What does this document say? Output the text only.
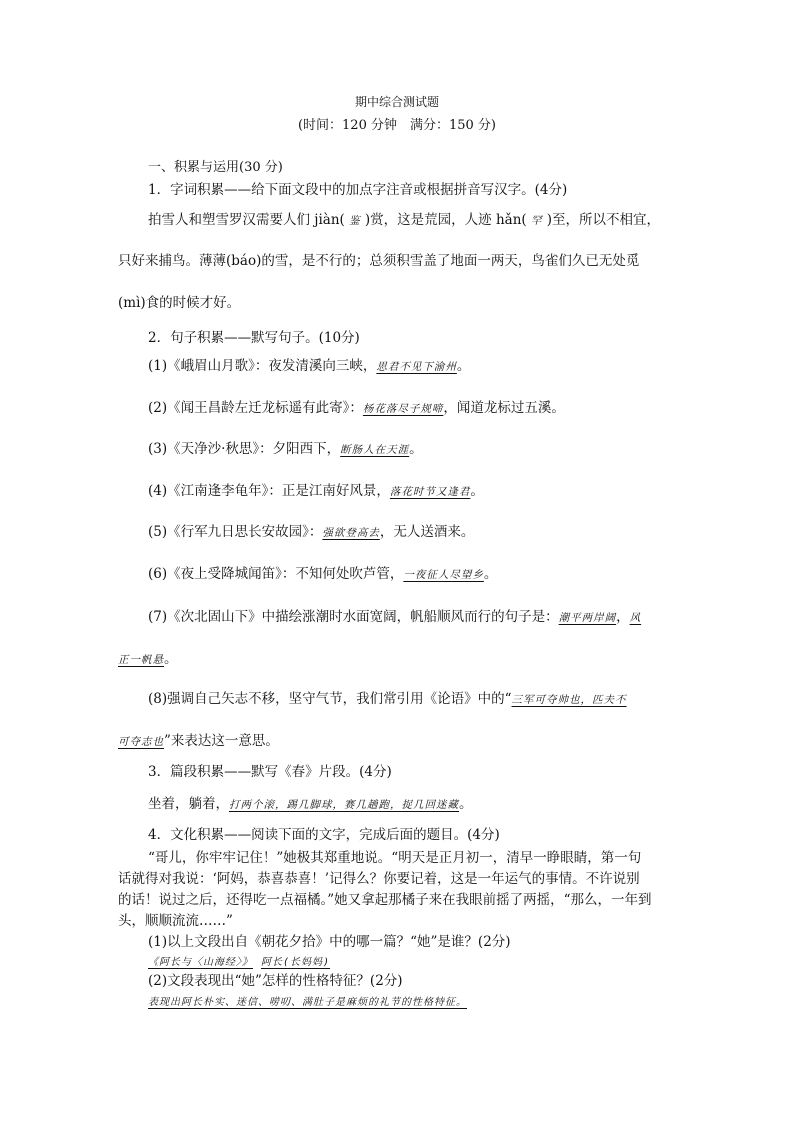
期中综合测试题
(时间：120 分钟　满分：150 分)
一、积累与运用(30 分)
1．字词积累——给下面文段中的加点字注音或根据拼音写汉字。(4分)
拍雪人和塑雪罗汉需要人们 jiàn( 鉴 )赏，这是荒园，人迹 hǎn( 罕 )至，所以不相宜，
只好来捕鸟。薄薄(báo)的雪，是不行的；总须积雪盖了地面一两天，鸟雀们久已无处觅
(mì)食的时候才好。
2．句子积累——默写句子。(10分)
(1)《峨眉山月歌》：夜发清溪向三峡，思君不见下渝州。
(2)《闻王昌龄左迁龙标遥有此寄》：杨花落尽子规啼，闻道龙标过五溪。
(3)《天净沙·秋思》：夕阳西下，断肠人在天涯。
(4)《江南逢李龟年》：正是江南好风景，落花时节又逢君。
(5)《行军九日思长安故园》：强欲登高去，无人送酒来。
(6)《夜上受降城闻笛》：不知何处吹芦管，一夜征人尽望乡。
(7)《次北固山下》中描绘涨潮时水面宽阔，帆船顺风而行的句子是：潮平两岸阔，风
正一帆悬。
(8)强调自己矢志不移，坚守气节，我们常引用《论语》中的“三军可夺帅也，匹夫不
可夺志也”来表达这一意思。
3．篇段积累——默写《春》片段。(4分)
坐着，躺着，打两个滚，踢几脚球，赛几趟跑，捉几回迷藏。
4．文化积累——阅读下面的文字，完成后面的题目。(4分)
“哥儿，你牢牢记住！”她极其郑重地说。“明天是正月初一，清早一睁眼睛，第一句
话就得对我说：‘阿妈，恭喜恭喜！’记得么？你要记着，这是一年运气的事情。不许说别
的话！说过之后，还得吃一点福橘。”她又拿起那橘子来在我眼前摇了两摇，“那么，一年到
头，顺顺流流……”
(1)以上文段出自《朝花夕拾》中的哪一篇？“她”是谁？(2分)
《阿长与〈山海经〉》 阿长(长妈妈)
(2)文段表现出“她”怎样的性格特征？(2分)
表现出阿长朴实、迷信、唠叨、满肚子是麻烦的礼节的性格特征。
